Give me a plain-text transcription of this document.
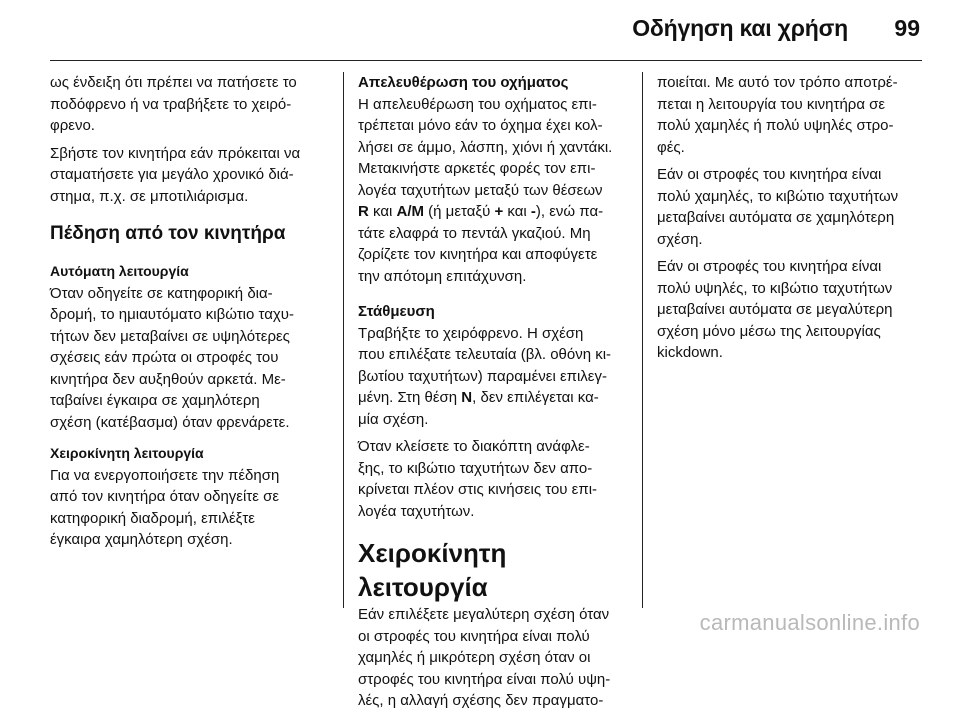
Οδήγηση και χρήση 99
ως ένδειξη ότι πρέπει να πατήσετε το
ποδόφρενο ή να τραβήξετε το χειρό-
φρενο.
Σβήστε τον κινητήρα εάν πρόκειται να
σταματήσετε για μεγάλο χρονικό διά-
στημα, π.χ. σε μποτιλιάρισμα.
Πέδηση από τον κινητήρα
Αυτόματη λειτουργία
Όταν οδηγείτε σε κατηφορική δια-
δρομή, το ημιαυτόματο κιβώτιο ταχυ-
τήτων δεν μεταβαίνει σε υψηλότερες
σχέσεις εάν πρώτα οι στροφές του
κινητήρα δεν αυξηθούν αρκετά. Με-
ταβαίνει έγκαιρα σε χαμηλότερη
σχέση (κατέβασμα) όταν φρενάρετε.
Χειροκίνητη λειτουργία
Για να ενεργοποιήσετε την πέδηση
από τον κινητήρα όταν οδηγείτε σε
κατηφορική διαδρομή, επιλέξτε
έγκαιρα χαμηλότερη σχέση.
Απελευθέρωση του οχήματος
Η απελευθέρωση του οχήματος επι-
τρέπεται μόνο εάν το όχημα έχει κολ-
λήσει σε άμμο, λάσπη, χιόνι ή χαντάκι.
Μετακινήστε αρκετές φορές τον επι-
λογέα ταχυτήτων μεταξύ των θέσεων
R και A/M (ή μεταξύ + και -), ενώ πα-
τάτε ελαφρά το πεντάλ γκαζιού. Μη
ζορίζετε τον κινητήρα και αποφύγετε
την απότομη επιτάχυνση.
Στάθμευση
Τραβήξτε το χειρόφρενο. Η σχέση
που επιλέξατε τελευταία (βλ. οθόνη κι-
βωτίου ταχυτήτων) παραμένει επιλεγ-
μένη. Στη θέση N, δεν επιλέγεται κα-
μία σχέση.
Όταν κλείσετε το διακόπτη ανάφλε-
ξης, το κιβώτιο ταχυτήτων δεν απο-
κρίνεται πλέον στις κινήσεις του επι-
λογέα ταχυτήτων.
Χειροκίνητη λειτουργία
Εάν επιλέξετε μεγαλύτερη σχέση όταν
οι στροφές του κινητήρα είναι πολύ
χαμηλές ή μικρότερη σχέση όταν οι
στροφές του κινητήρα είναι πολύ υψη-
λές, η αλλαγή σχέσης δεν πραγματο-
ποιείται. Με αυτό τον τρόπο αποτρέ-
πεται η λειτουργία του κινητήρα σε
πολύ χαμηλές ή πολύ υψηλές στρο-
φές.
Εάν οι στροφές του κινητήρα είναι
πολύ χαμηλές, το κιβώτιο ταχυτήτων
μεταβαίνει αυτόματα σε χαμηλότερη
σχέση.
Εάν οι στροφές του κινητήρα είναι
πολύ υψηλές, το κιβώτιο ταχυτήτων
μεταβαίνει αυτόματα σε μεγαλύτερη
σχέση μόνο μέσω της λειτουργίας
kickdown.
carmanualsonline.info
